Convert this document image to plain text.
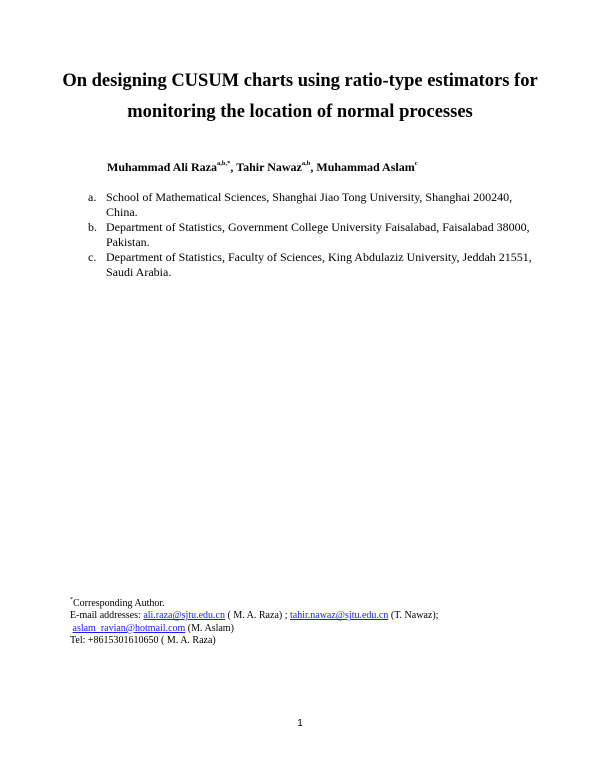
On designing CUSUM charts using ratio-type estimators for
monitoring the location of normal processes
Muhammad Ali Raza$^{a,b,*}$, Tahir Nawaz$^{a,b}$, Muhammad Aslam$^c$
a. School of Mathematical Sciences, Shanghai Jiao Tong University, Shanghai 200240, China.
b. Department of Statistics, Government College University Faisalabad, Faisalabad 38000, Pakistan.
c. Department of Statistics, Faculty of Sciences, King Abdulaziz University, Jeddah 21551, Saudi Arabia.
*Corresponding Author.
E-mail addresses: ali.raza@sjtu.edu.cn ( M. A. Raza) ; tahir.nawaz@sjtu.edu.cn (T. Nawaz);
aslam_ravian@hotmail.com (M. Aslam)
Tel: +8615301610650 ( M. A. Raza)
1
